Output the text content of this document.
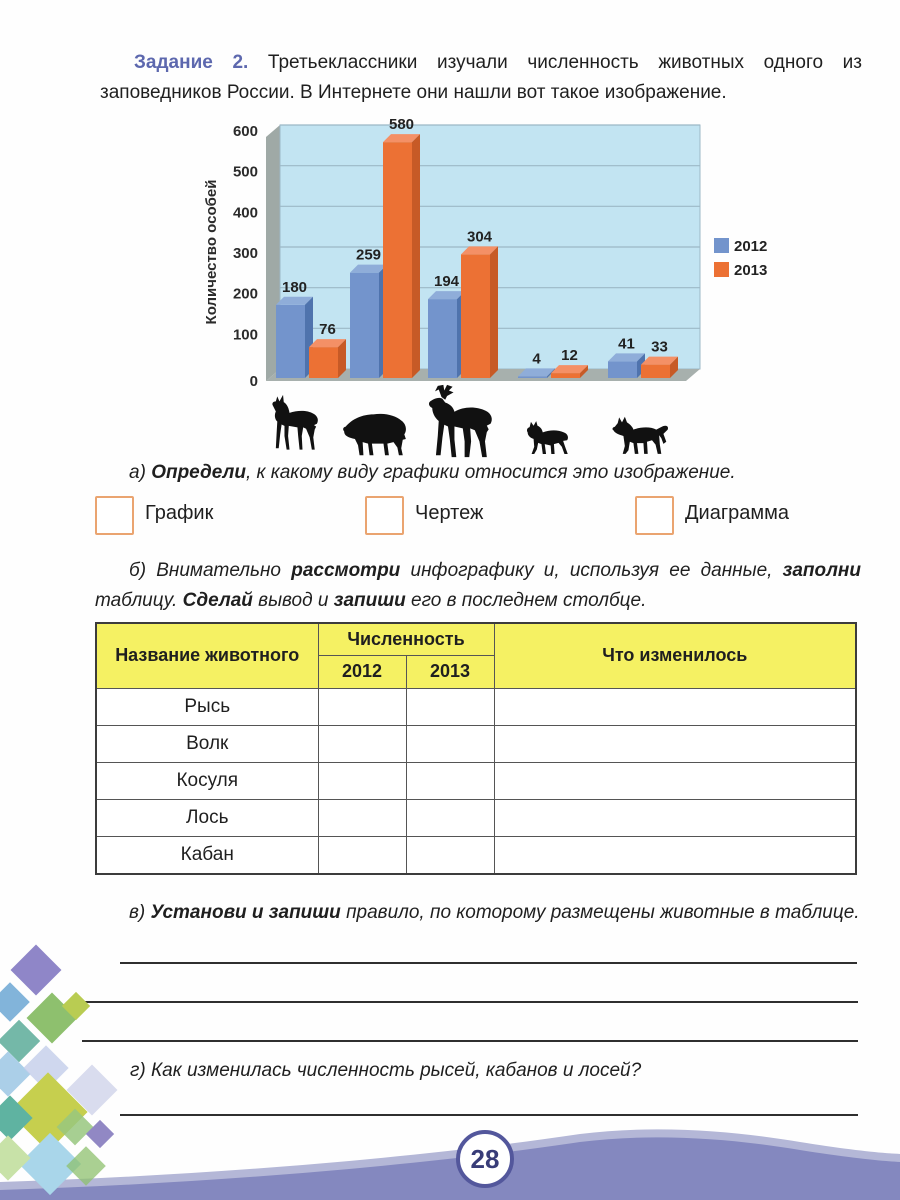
Задание 2. Третьеклассники изучали численность животных одного из заповедников России. В Интернете они нашли вот такое изображение.
0
100
200
300
400
500
600
Количество особей	180
259
194
4
41
76
580
304
12
33
2012
2013
а) Определи, к какому виду графики относится это изображение.
График	Чертеж	Диаграмма
б) Внимательно рассмотри инфографику и, используя ее данные, заполни таблицу. Сделай вывод и запиши его в последнем столбце.
Название животного	Численность		Что изменилось
	2012	2013	
Рысь			
Волк			
Косуля			
Лось			
Кабан			
в) Установи и запиши правило, по которому размещены животные в таблице.
г) Как изменилась численность рысей, кабанов и лосей?
28
